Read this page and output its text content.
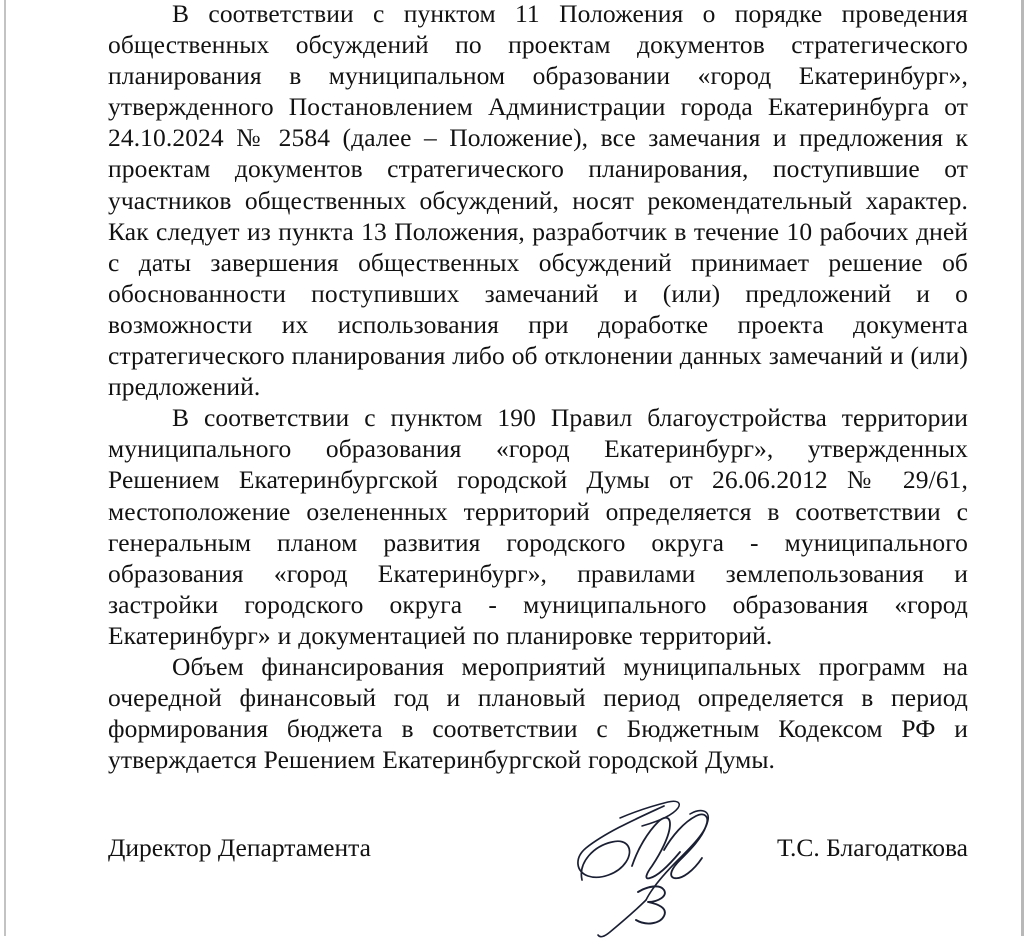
В соответствии с пунктом 11 Положения о порядке проведения общественных обсуждений по проектам документов стратегического планирования в муниципальном образовании «город Екатеринбург», утвержденного Постановлением Администрации города Екатеринбурга от 24.10.2024 № 2584 (далее – Положение), все замечания и предложения к проектам документов стратегического планирования, поступившие от участников общественных обсуждений, носят рекомендательный характер. Как следует из пункта 13 Положения, разработчик в течение 10 рабочих дней с даты завершения общественных обсуждений принимает решение об обоснованности поступивших замечаний и (или) предложений и о возможности их использования при доработке проекта документа стратегического планирования либо об отклонении данных замечаний и (или) предложений.

В соответствии с пунктом 190 Правил благоустройства территории муниципального образования «город Екатеринбург», утвержденных Решением Екатеринбургской городской Думы от 26.06.2012 № 29/61, местоположение озелененных территорий определяется в соответствии с генеральным планом развития городского округа - муниципального образования «город Екатеринбург», правилами землепользования и застройки городского округа - муниципального образования «город Екатеринбург» и документацией по планировке территорий.

Объем финансирования мероприятий муниципальных программ на очередной финансовый год и плановый период определяется в период формирования бюджета в соответствии с Бюджетным Кодексом РФ и утверждается Решением Екатеринбургской городской Думы.

Директор Департамента	Т.С. Благодаткова
